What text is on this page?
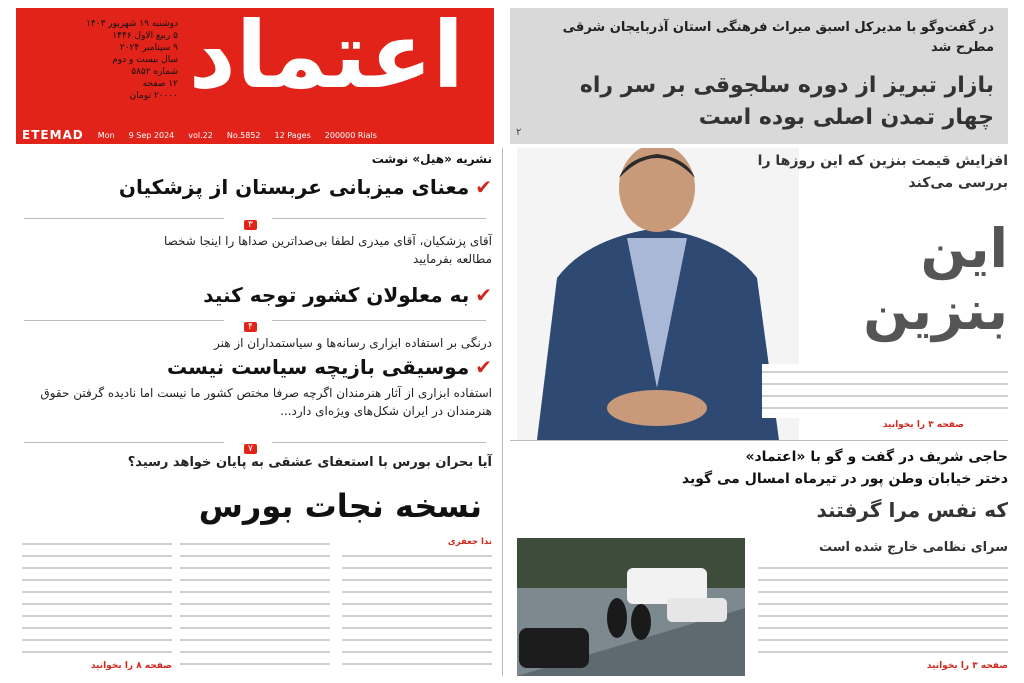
اعتماد
دوشنبه ۱۹ شهریور ۱۴۰۳
۵ ربیع الاول ۱۴۴۶
۹ سپتامبر ۲۰۲۴
سال بیست و دوم
شماره ۵۸۵۲
۱۲ صفحه
۲۰۰۰۰ تومان
ETEMAD Mon 9 Sep 2024 vol.22 No.5852 12 Pages 200000 Rials
در گفت‌وگو با مدیرکل اسبق میراث فرهنگی استان آذربایجان شرقی مطرح شد
بازار تبریز از دوره سلجوقی بر سر راه چهار تمدن اصلی بوده است
۲
نشریه «هیل» نوشت
✔معنای میزبانی عربستان از پزشکیان
۳
آقای پزشکیان، آقای میدری لطفا بی‌صداترین صداها را اینجا شخصا مطالعه بفرمایید
✔به معلولان کشور توجه کنید
۴
درنگی بر استفاده ابزاری رسانه‌ها و سیاستمداران از هنر
✔موسیقی بازیچه سیاست نیست
استفاده ابزاری از آثار هنرمندان اگرچه صرفا مختص کشور ما نیست اما نادیده گرفتن حقوق هنرمندان در ایران شکل‌های ویژه‌ای دارد...
۷
آیا بحران بورس با استعفای عشقی به پایان خواهد رسید؟
نسخه نجات بورس
ندا جعفری
صفحه ۸ را بخوانید
افزایش قیمت بنزین که این روزها را بررسی می‌کند
این بنزین
صفحه ۳ را بخوانید
حاجی شریف در گفت و گو با «اعتماد»
دختر خیابان وطن پور در تیرماه امسال می گوید
که نفس مرا گرفتند
سرای نظامی خارج شده است
صفحه ۳ را بخوانید
